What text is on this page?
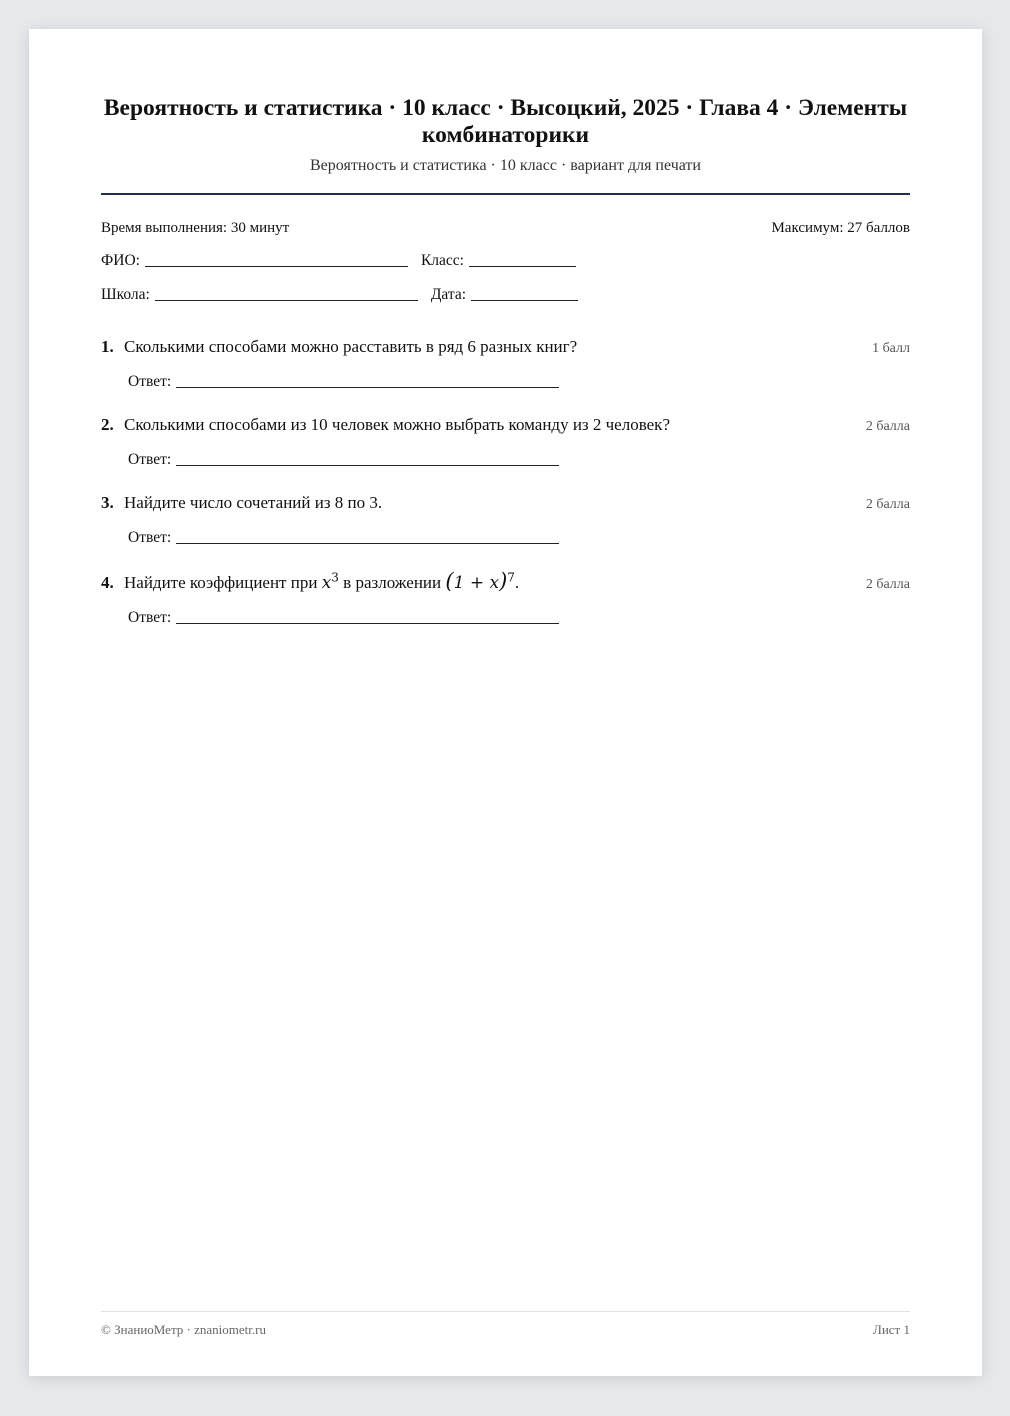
Вероятность и статистика · 10 класс · Высоцкий, 2025 · Глава 4 · Элементы комбинаторики
Вероятность и статистика · 10 класс · вариант для печати
Время выполнения: 30 минут	Максимум: 27 баллов
ФИО:	Класс:
Школа:	Дата:
1. Сколькими способами можно расставить в ряд 6 разных книг?	1 балл
Ответ:
2. Сколькими способами из 10 человек можно выбрать команду из 2 человек?	2 балла
Ответ:
3. Найдите число сочетаний из 8 по 3.	2 балла
Ответ:
4. Найдите коэффициент при $x^3$ в разложении $(1 + x)^7$.	2 балла
Ответ:
© ЗнаниоМетр · znaniometr.ru	Лист 1
